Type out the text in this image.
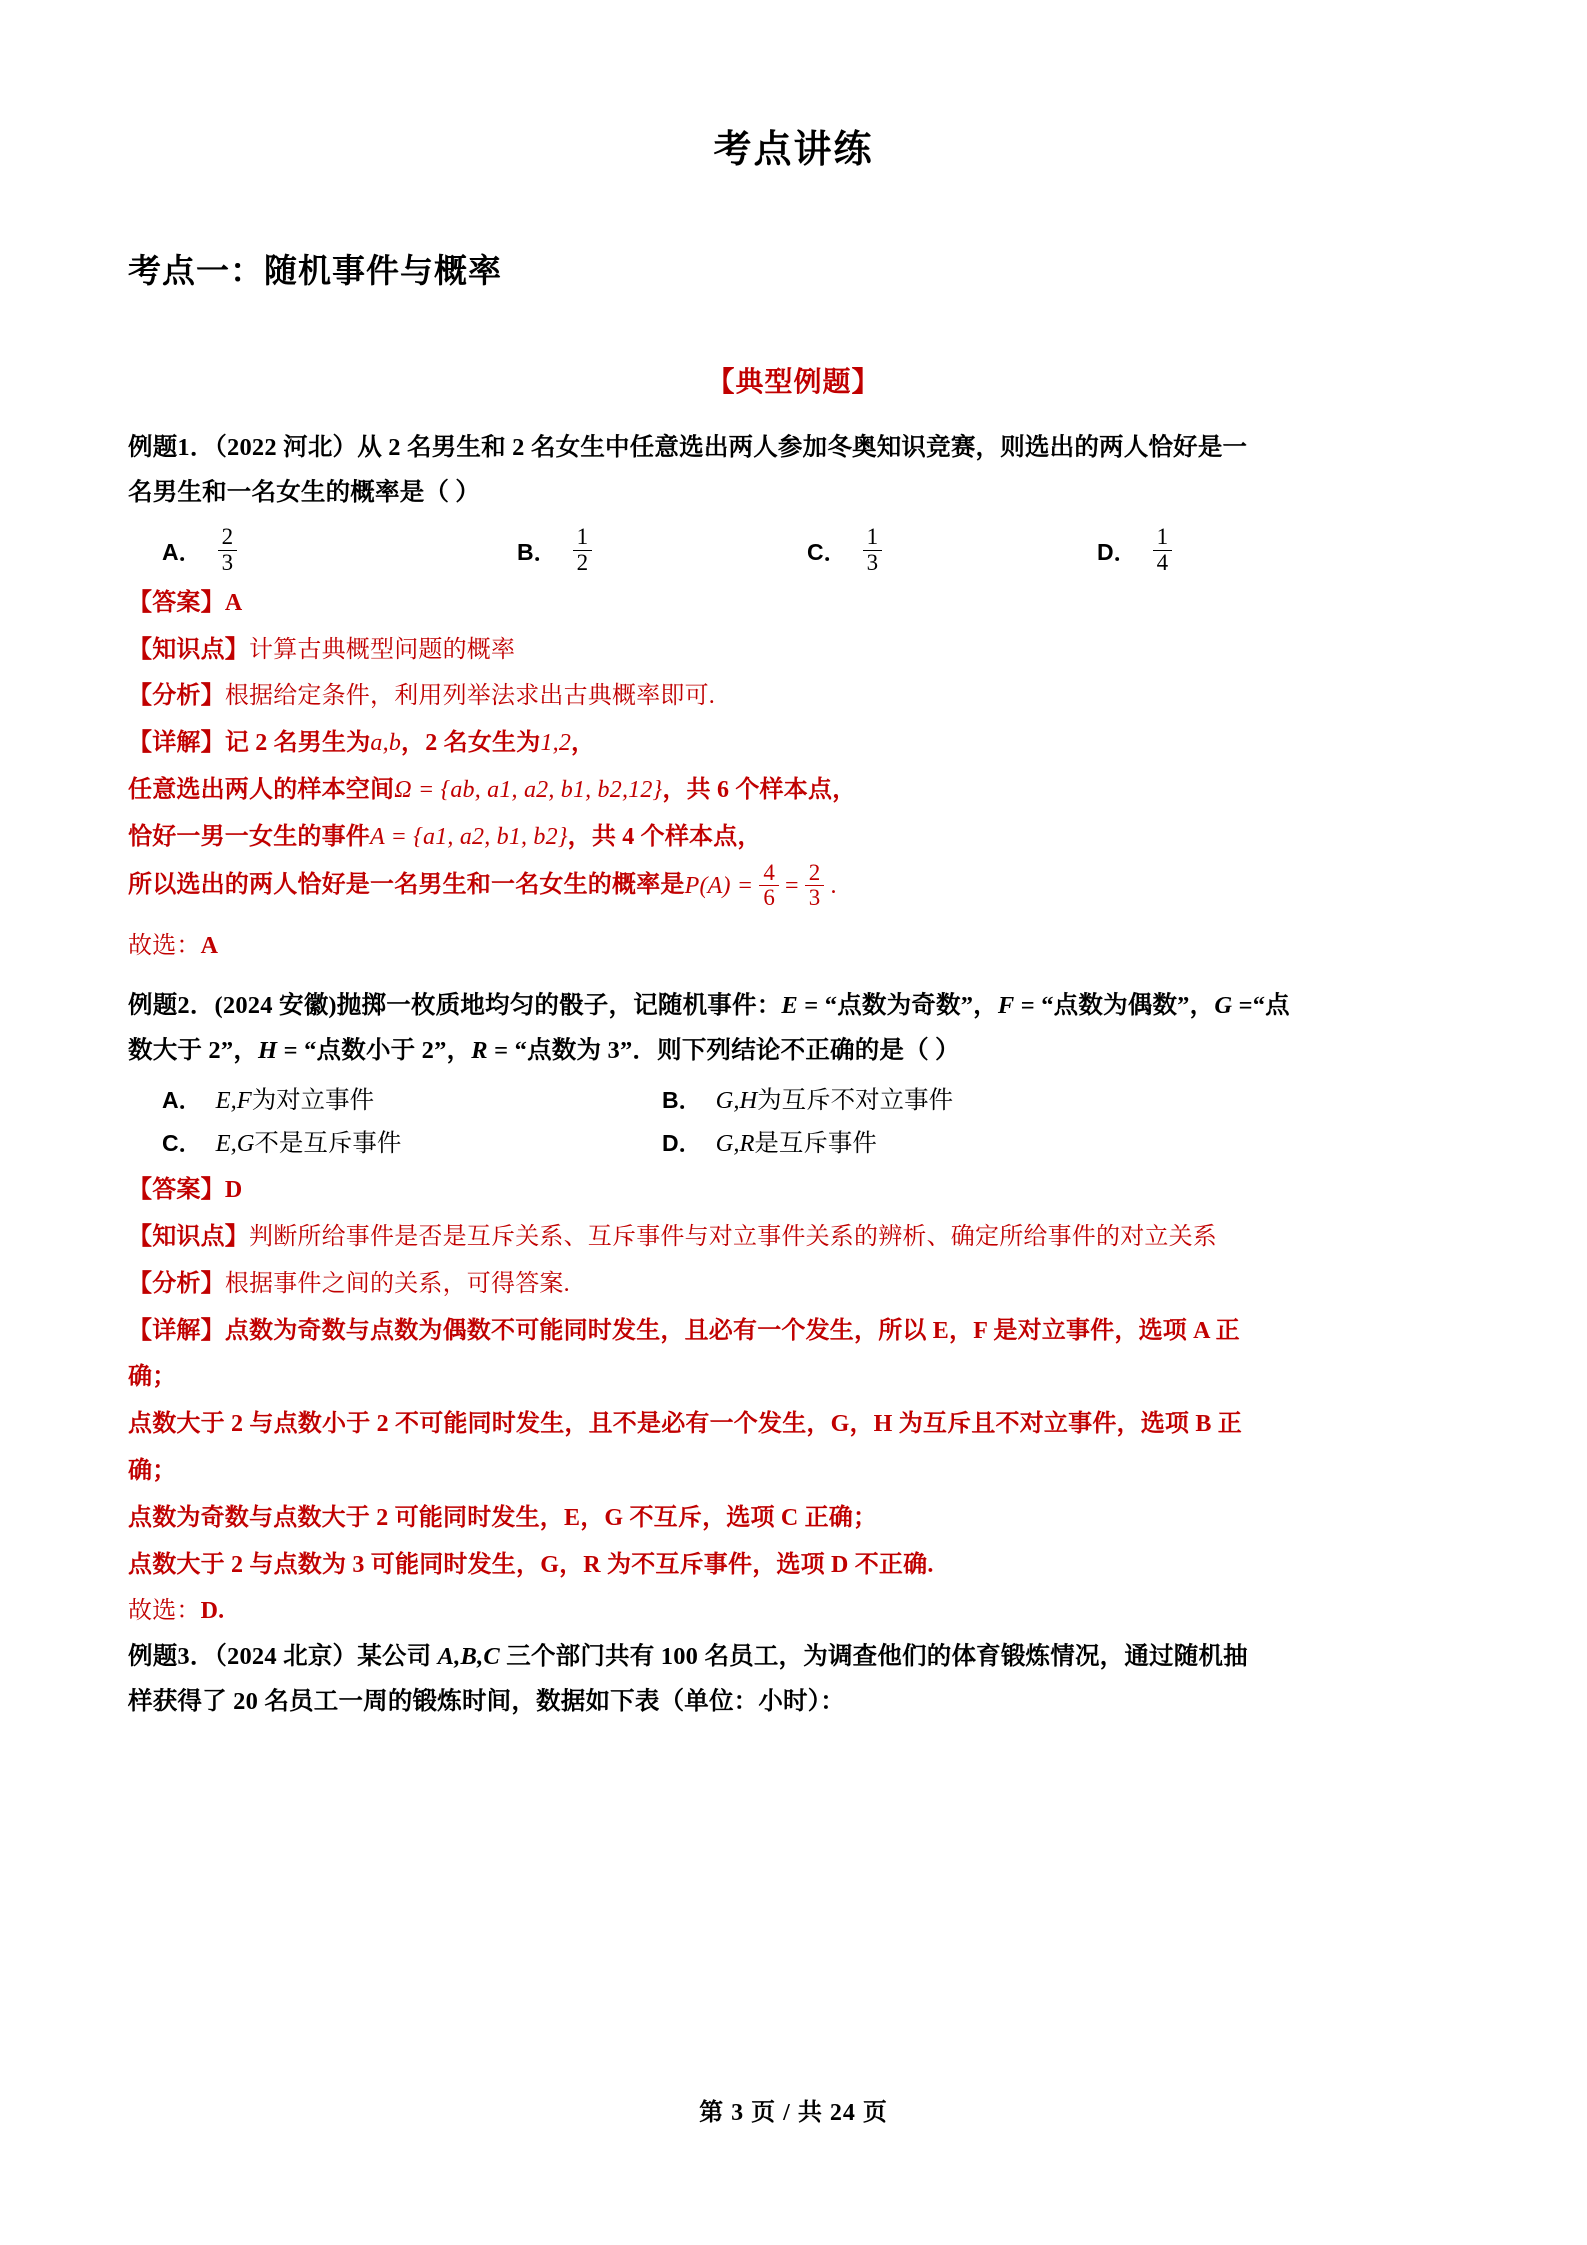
考点讲练
考点一：随机事件与概率
【典型例题】

例题1．（2022 河北）从 2 名男生和 2 名女生中任意选出两人参加冬奥知识竞赛，则选出的两人恰好是一

名男生和一名女生的概率是（ ）

A． $\frac{2}{3}$	B． $\frac{1}{2}$	C． $\frac{1}{3}$	D． $\frac{1}{4}$

【答案】A

【知识点】计算古典概型问题的概率

【分析】根据给定条件，利用列举法求出古典概率即可.

【详解】记 2 名男生为a,b，2 名女生为1,2，

任意选出两人的样本空间Ω = {ab, a1, a2, b1, b2,12}，共 6 个样本点，

恰好一男一女生的事件A = {a1, a2, b1, b2}，共 4 个样本点，

所以选出的两人恰好是一名男生和一名女生的概率是 $P(A) = \frac{4}{6} = \frac{2}{3}$ .

故选：A

例题2．(2024 安徽)抛掷一枚质地均匀的骰子，记随机事件：E = “点数为奇数”，F = “点数为偶数”，G =“点

数大于 2”，H = “点数小于 2”，R = “点数为 3”．则下列结论不正确的是（ ）

A． E,F 为对立事件	B． G,H 为互斥不对立事件
C． E,G 不是互斥事件	D． G,R 是互斥事件

【答案】D

【知识点】判断所给事件是否是互斥关系、互斥事件与对立事件关系的辨析、确定所给事件的对立关系

【分析】根据事件之间的关系，可得答案.

【详解】点数为奇数与点数为偶数不可能同时发生，且必有一个发生，所以 E，F 是对立事件，选项 A 正

确；

点数大于 2 与点数小于 2 不可能同时发生，且不是必有一个发生，G，H 为互斥且不对立事件，选项 B 正

确；

点数为奇数与点数大于 2 可能同时发生，E，G 不互斥，选项 C 正确；

点数大于 2 与点数为 3 可能同时发生，G，R 为不互斥事件，选项 D 不正确.

故选：D.

例题3．（2024 北京）某公司 A,B,C 三个部门共有 100 名员工，为调查他们的体育锻炼情况，通过随机抽

样获得了 20 名员工一周的锻炼时间，数据如下表（单位：小时）：

第 3 页 / 共 24 页
